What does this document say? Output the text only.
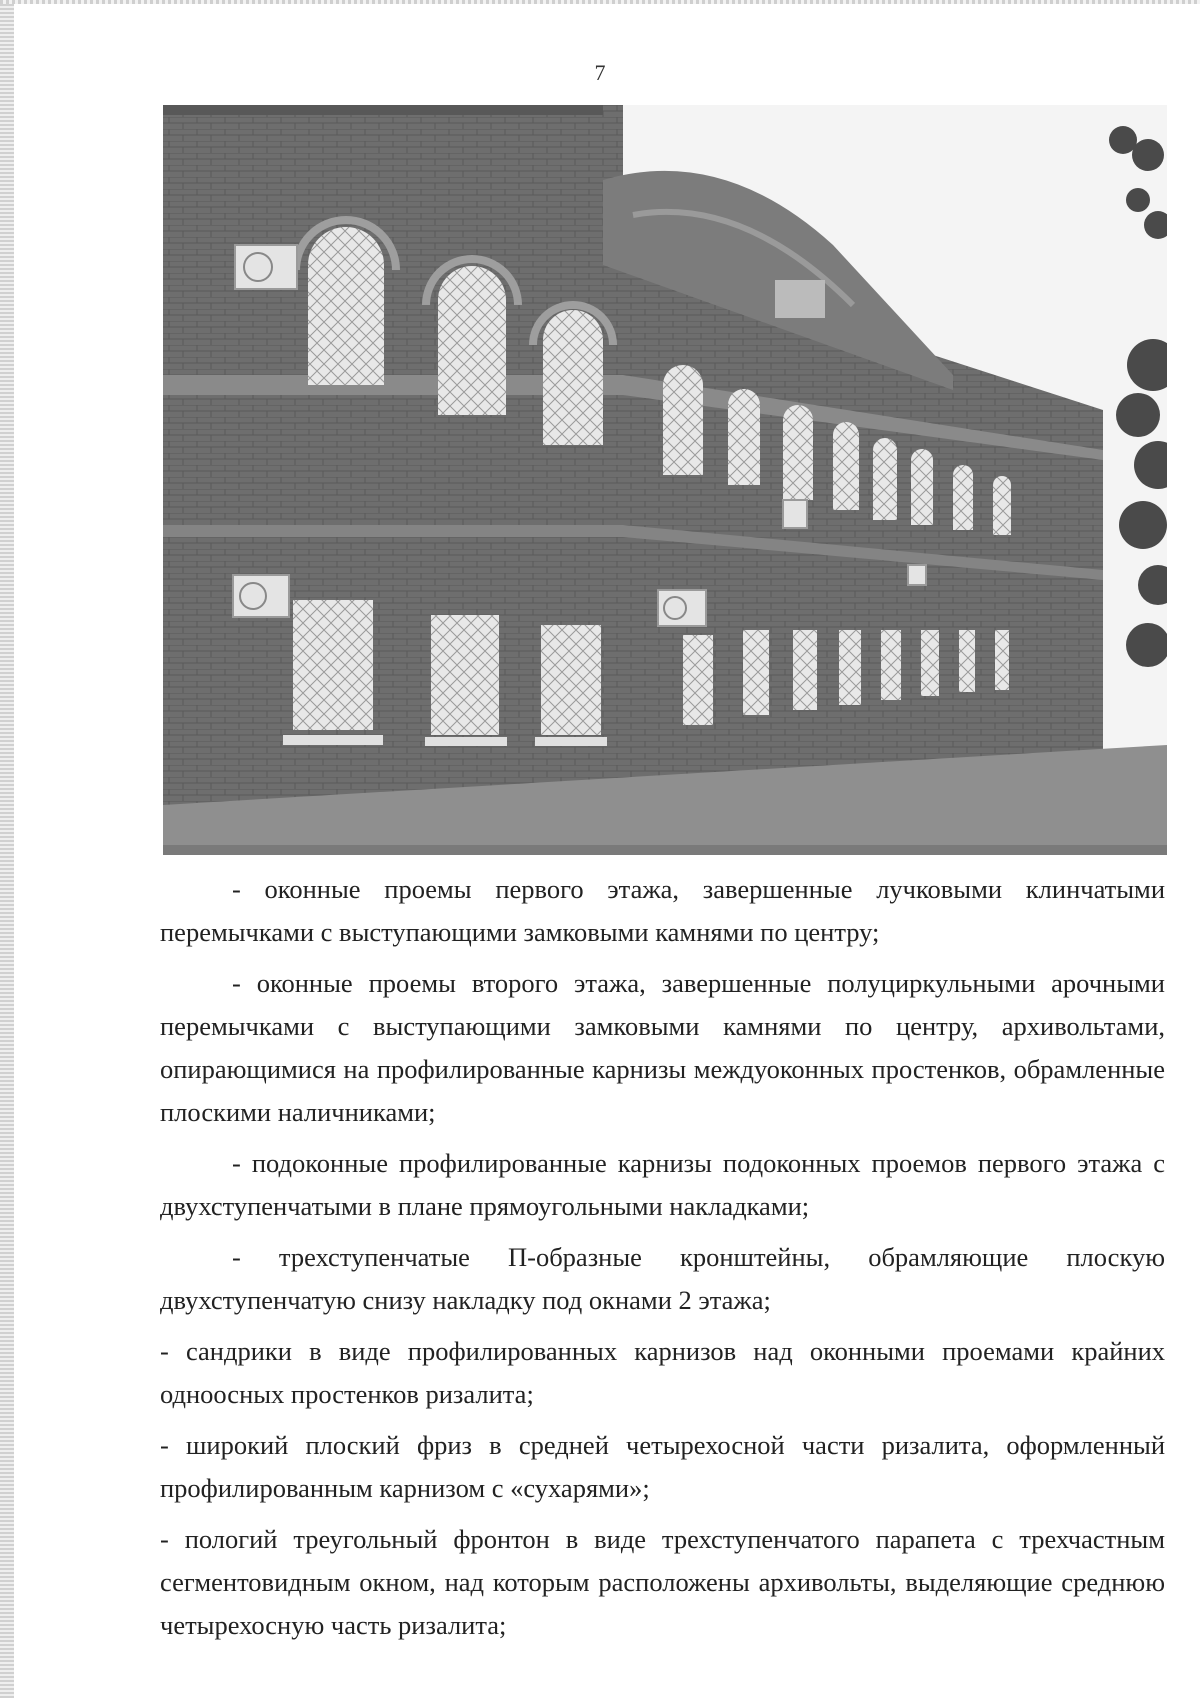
7

- оконные проемы первого этажа, завершенные лучковыми клинчатыми перемычками с выступающими замковыми камнями по центру;

- оконные проемы второго этажа, завершенные полуциркульными арочными перемычками с выступающими замковыми камнями по центру, архивольтами, опирающимися на профилированные карнизы междуоконных простенков, обрамленные плоскими наличниками;

- подоконные профилированные карнизы подоконных проемов первого этажа с двухступенчатыми в плане прямоугольными накладками;

- трехступенчатые П-образные кронштейны, обрамляющие плоскую двухступенчатую снизу накладку под окнами 2 этажа;

- сандрики в виде профилированных карнизов над оконными проемами крайних одноосных простенков ризалита;

- широкий плоский фриз в средней четырехосной части ризалита, оформленный профилированным карнизом с «сухарями»;

- пологий треугольный фронтон в виде трехступенчатого парапета с трехчастным сегментовидным окном, над которым расположены архивольты, выделяющие среднюю четырехосную часть ризалита;
